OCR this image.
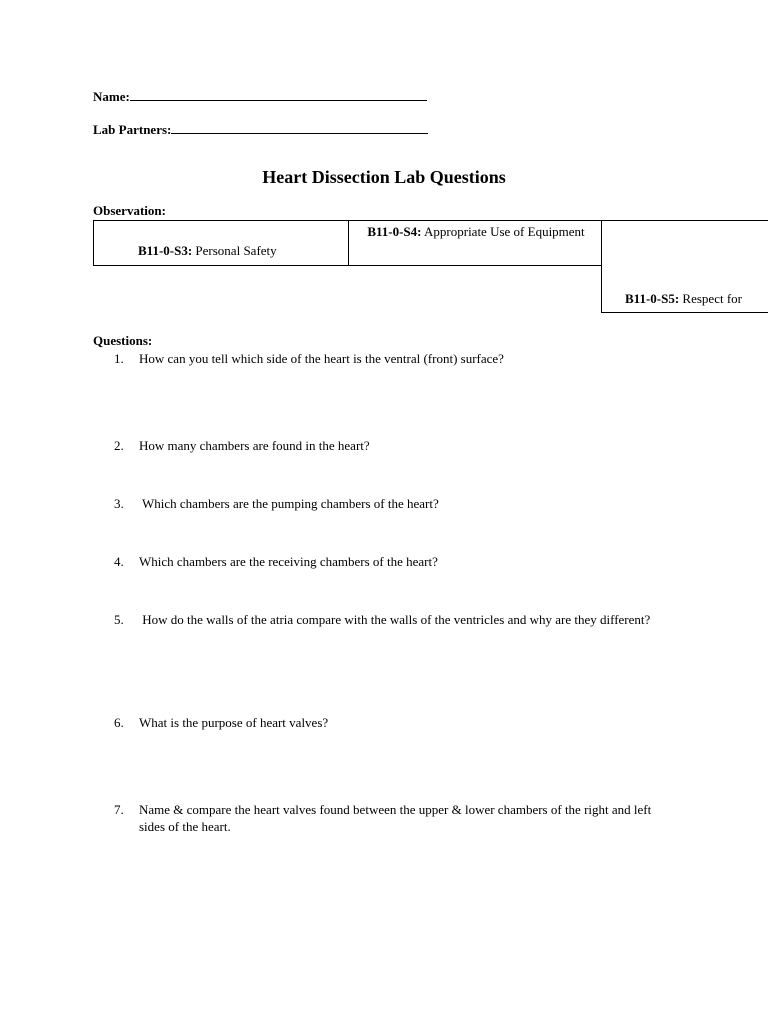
Name:
Lab Partners:
Heart Dissection Lab Questions
Observation:
B11-0-S3: Personal Safety
B11-0-S4: Appropriate Use of Equipment
B11-0-S5: Respect for
Questions:
1. How can you tell which side of the heart is the ventral (front) surface?
2. How many chambers are found in the heart?
3. Which chambers are the pumping chambers of the heart?
4. Which chambers are the receiving chambers of the heart?
5. How do the walls of the atria compare with the walls of the ventricles and why are they different?
6. What is the purpose of heart valves?
7. Name & compare the heart valves found between the upper & lower chambers of the right and left sides of the heart.
